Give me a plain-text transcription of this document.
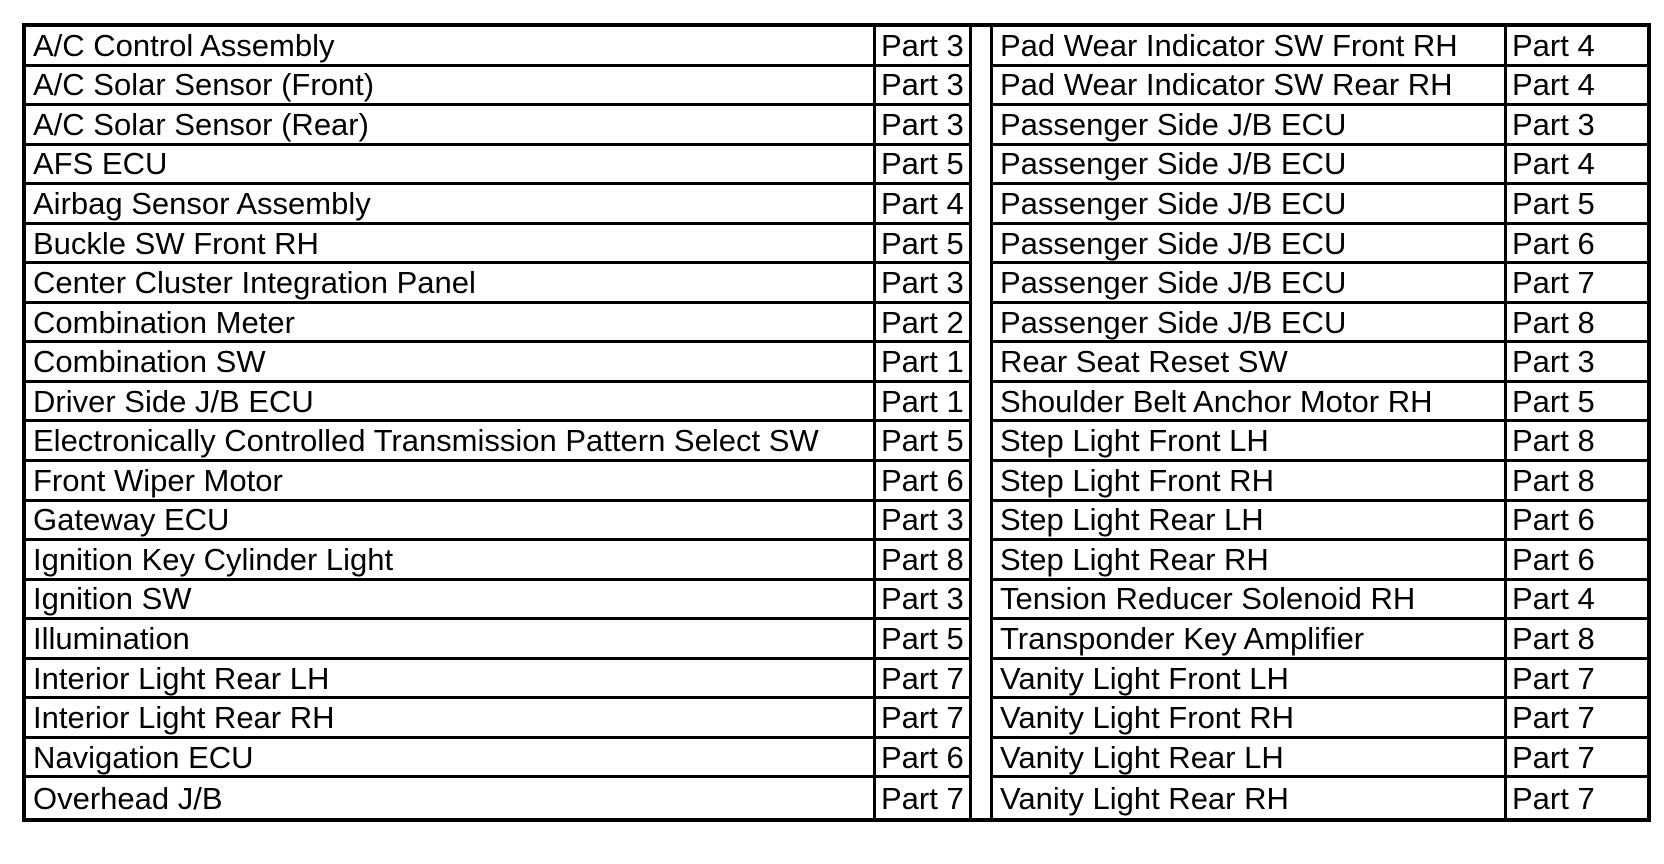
A/C Control Assembly	Part 3
A/C Solar Sensor (Front)	Part 3
A/C Solar Sensor (Rear)	Part 3
AFS ECU	Part 5
Airbag Sensor Assembly	Part 4
Buckle SW Front RH	Part 5
Center Cluster Integration Panel	Part 3
Combination Meter	Part 2
Combination SW	Part 1
Driver Side J/B ECU	Part 1
Electronically Controlled Transmission Pattern Select SW	Part 5
Front Wiper Motor	Part 6
Gateway ECU	Part 3
Ignition Key Cylinder Light	Part 8
Ignition SW	Part 3
Illumination	Part 5
Interior Light Rear LH	Part 7
Interior Light Rear RH	Part 7
Navigation ECU	Part 6
Overhead J/B	Part 7
Pad Wear Indicator SW Front RH	Part 4
Pad Wear Indicator SW Rear RH	Part 4
Passenger Side J/B ECU	Part 3
Passenger Side J/B ECU	Part 4
Passenger Side J/B ECU	Part 5
Passenger Side J/B ECU	Part 6
Passenger Side J/B ECU	Part 7
Passenger Side J/B ECU	Part 8
Rear Seat Reset SW	Part 3
Shoulder Belt Anchor Motor RH	Part 5
Step Light Front LH	Part 8
Step Light Front RH	Part 8
Step Light Rear LH	Part 6
Step Light Rear RH	Part 6
Tension Reducer Solenoid RH	Part 4
Transponder Key Amplifier	Part 8
Vanity Light Front LH	Part 7
Vanity Light Front RH	Part 7
Vanity Light Rear LH	Part 7
Vanity Light Rear RH	Part 7
